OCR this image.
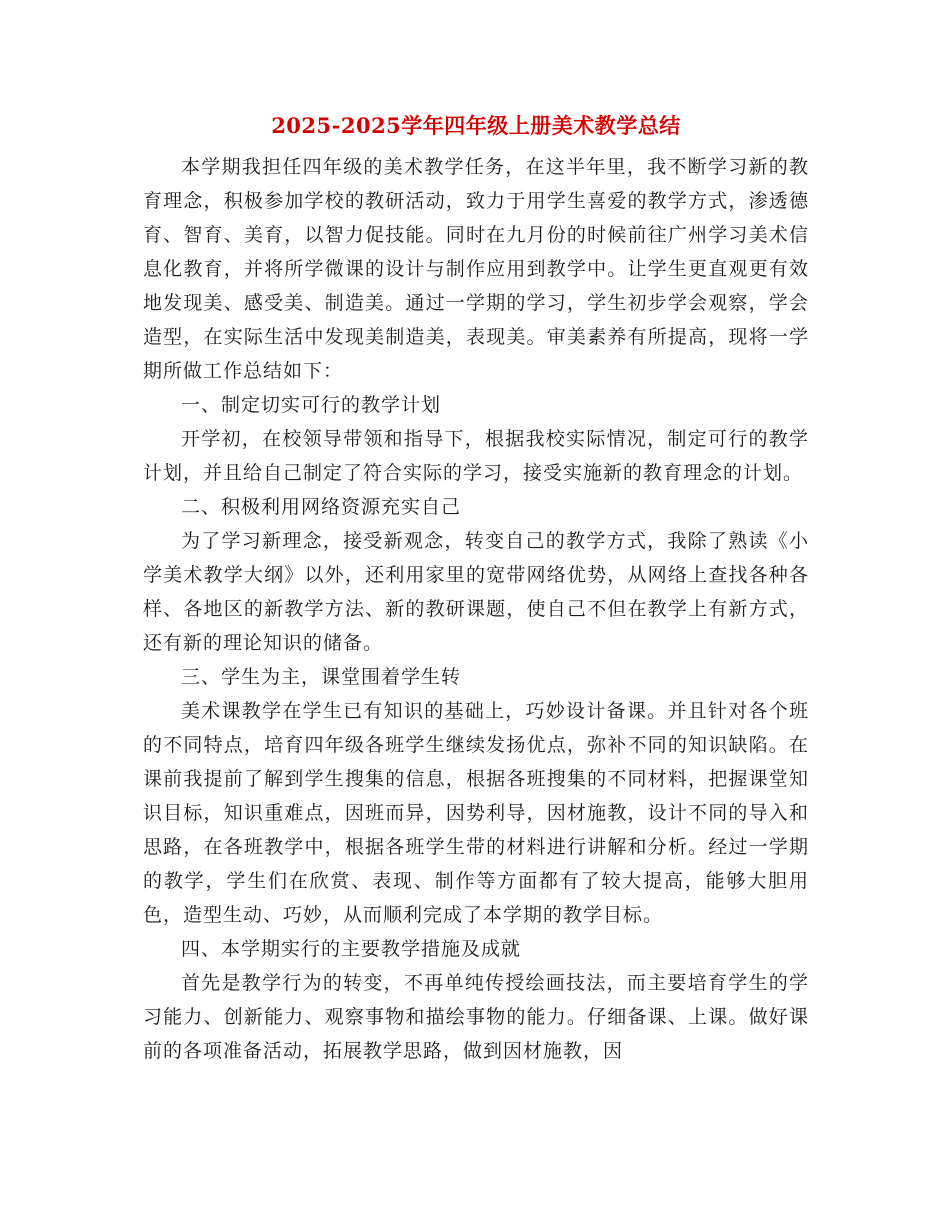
2025-2025学年四年级上册美术教学总结

本学期我担任四年级的美术教学任务，在这半年里，我不断学习新的教育理念，积极参加学校的教研活动，致力于用学生喜爱的教学方式，渗透德育、智育、美育，以智力促技能。同时在九月份的时候前往广州学习美术信息化教育，并将所学微课的设计与制作应用到教学中。让学生更直观更有效地发现美、感受美、制造美。通过一学期的学习，学生初步学会观察，学会造型，在实际生活中发现美制造美，表现美。审美素养有所提高，现将一学期所做工作总结如下：

一、制定切实可行的教学计划

开学初，在校领导带领和指导下，根据我校实际情况，制定可行的教学计划，并且给自己制定了符合实际的学习，接受实施新的教育理念的计划。

二、积极利用网络资源充实自己

为了学习新理念，接受新观念，转变自己的教学方式，我除了熟读《小学美术教学大纲》以外，还利用家里的宽带网络优势，从网络上查找各种各样、各地区的新教学方法、新的教研课题，使自己不但在教学上有新方式，还有新的理论知识的储备。

三、学生为主，课堂围着学生转

美术课教学在学生已有知识的基础上，巧妙设计备课。并且针对各个班的不同特点，培育四年级各班学生继续发扬优点，弥补不同的知识缺陷。在课前我提前了解到学生搜集的信息，根据各班搜集的不同材料，把握课堂知识目标，知识重难点，因班而异，因势利导，因材施教，设计不同的导入和思路，在各班教学中，根据各班学生带的材料进行讲解和分析。经过一学期的教学，学生们在欣赏、表现、制作等方面都有了较大提高，能够大胆用色，造型生动、巧妙，从而顺利完成了本学期的教学目标。

四、本学期实行的主要教学措施及成就

首先是教学行为的转变，不再单纯传授绘画技法，而主要培育学生的学习能力、创新能力、观察事物和描绘事物的能力。仔细备课、上课。做好课前的各项准备活动，拓展教学思路，做到因材施教，因
